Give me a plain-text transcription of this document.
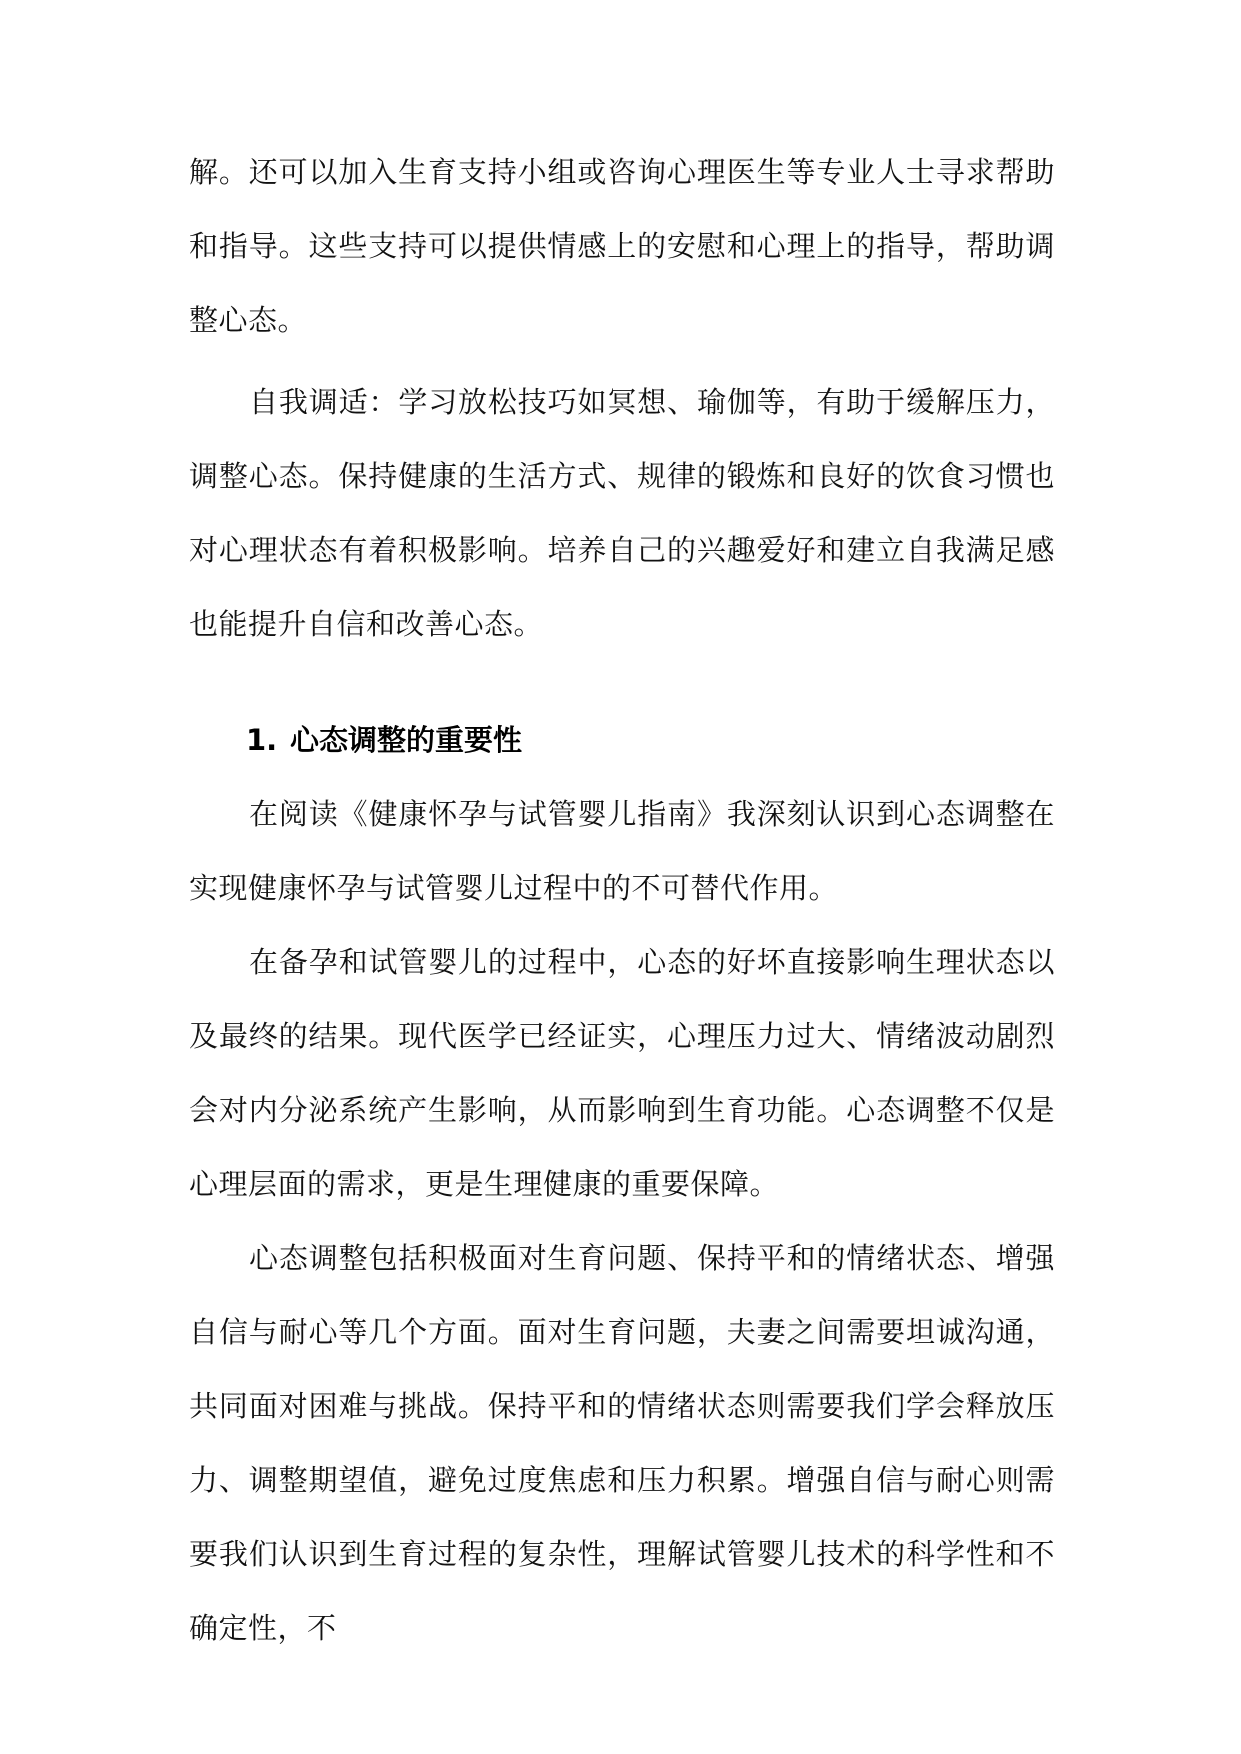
解。还可以加入生育支持小组或咨询心理医生等专业人士寻求帮助和指导。这些支持可以提供情感上的安慰和心理上的指导，帮助调整心态。

自我调适：学习放松技巧如冥想、瑜伽等，有助于缓解压力，调整心态。保持健康的生活方式、规律的锻炼和良好的饮食习惯也对心理状态有着积极影响。培养自己的兴趣爱好和建立自我满足感也能提升自信和改善心态。

1. 心态调整的重要性

在阅读《健康怀孕与试管婴儿指南》我深刻认识到心态调整在实现健康怀孕与试管婴儿过程中的不可替代作用。

在备孕和试管婴儿的过程中，心态的好坏直接影响生理状态以及最终的结果。现代医学已经证实，心理压力过大、情绪波动剧烈会对内分泌系统产生影响，从而影响到生育功能。心态调整不仅是心理层面的需求，更是生理健康的重要保障。

心态调整包括积极面对生育问题、保持平和的情绪状态、增强自信与耐心等几个方面。面对生育问题，夫妻之间需要坦诚沟通，共同面对困难与挑战。保持平和的情绪状态则需要我们学会释放压力、调整期望值，避免过度焦虑和压力积累。增强自信与耐心则需要我们认识到生育过程的复杂性，理解试管婴儿技术的科学性和不确定性，不
